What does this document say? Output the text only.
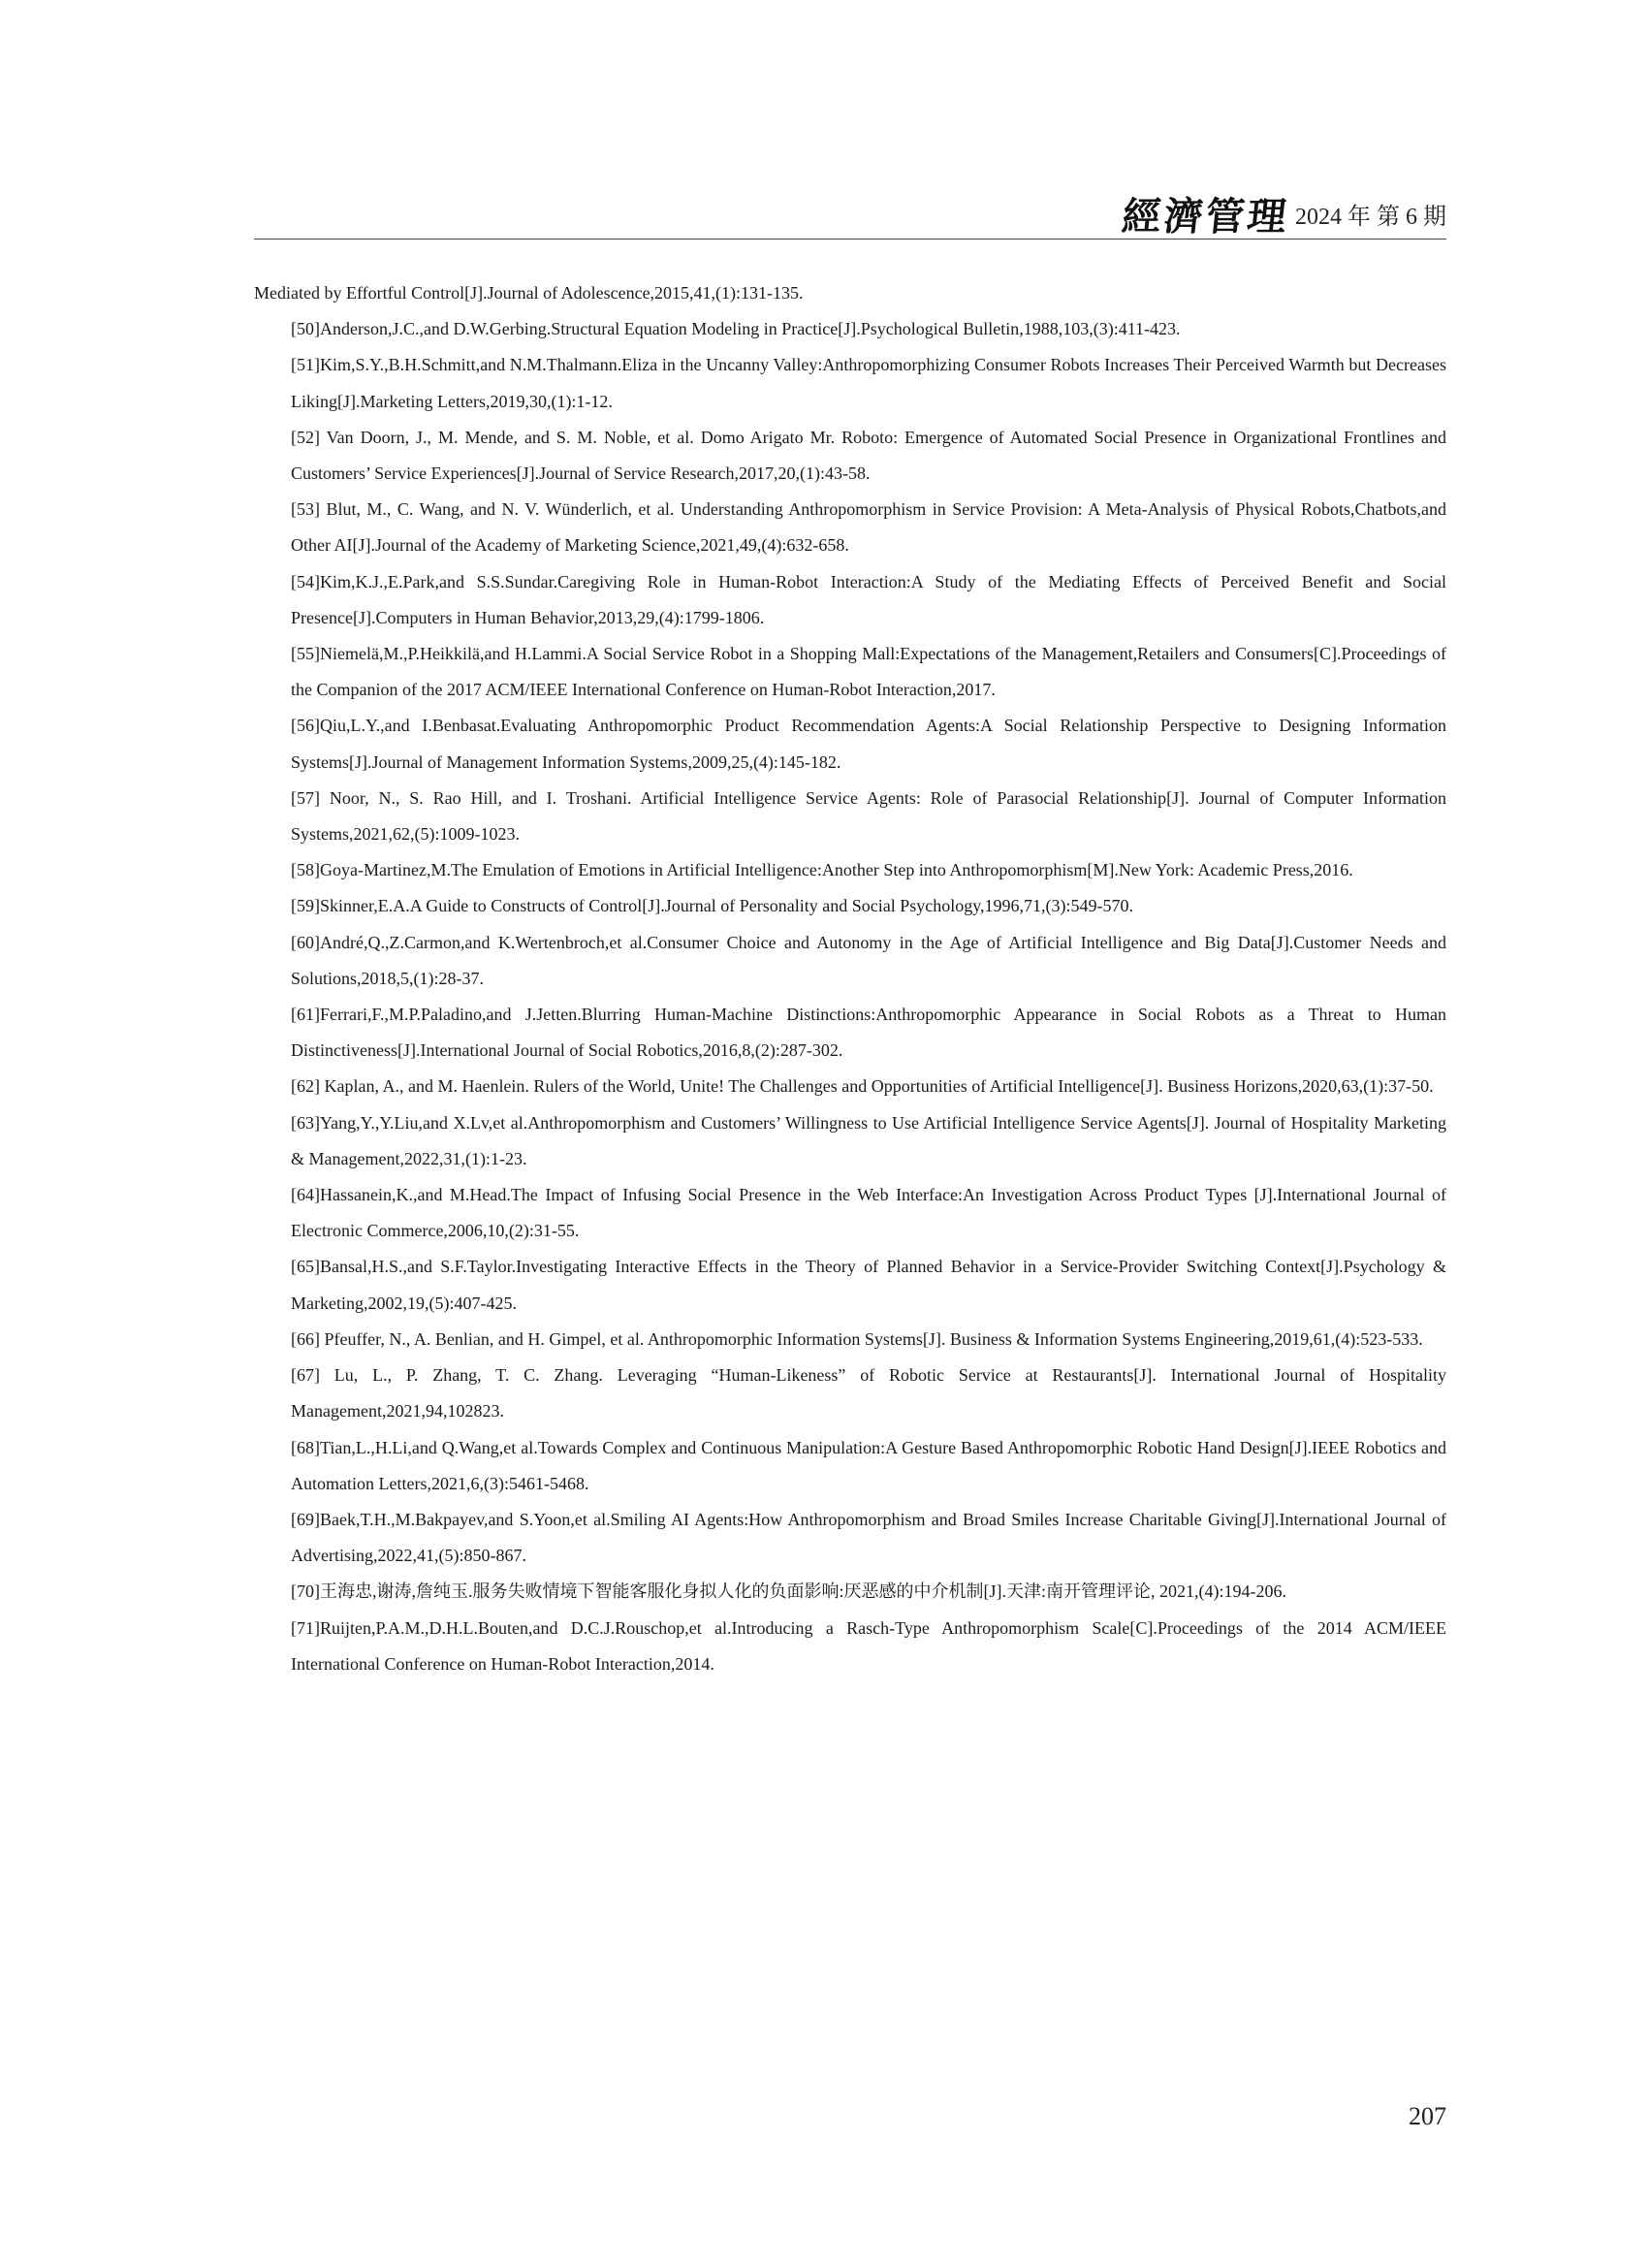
經濟管理 2024 年 第 6 期

Mediated by Effortful Control[J].Journal of Adolescence,2015,41,(1):131-135.

[50]Anderson,J.C.,and D.W.Gerbing.Structural Equation Modeling in Practice[J].Psychological Bulletin,1988,103,(3):411-423.

[51]Kim,S.Y.,B.H.Schmitt,and N.M.Thalmann.Eliza in the Uncanny Valley:Anthropomorphizing Consumer Robots Increases Their Perceived Warmth but Decreases Liking[J].Marketing Letters,2019,30,(1):1-12.

[52] Van Doorn, J., M. Mende, and S. M. Noble, et al. Domo Arigato Mr. Roboto: Emergence of Automated Social Presence in Organizational Frontlines and Customers’ Service Experiences[J].Journal of Service Research,2017,20,(1):43-58.

[53] Blut, M., C. Wang, and N. V. Wünderlich, et al. Understanding Anthropomorphism in Service Provision: A Meta-Analysis of Physical Robots,Chatbots,and Other AI[J].Journal of the Academy of Marketing Science,2021,49,(4):632-658.

[54]Kim,K.J.,E.Park,and S.S.Sundar.Caregiving Role in Human-Robot Interaction:A Study of the Mediating Effects of Perceived Benefit and Social Presence[J].Computers in Human Behavior,2013,29,(4):1799-1806.

[55]Niemelä,M.,P.Heikkilä,and H.Lammi.A Social Service Robot in a Shopping Mall:Expectations of the Management,Retailers and Consumers[C].Proceedings of the Companion of the 2017 ACM/IEEE International Conference on Human-Robot Interaction,2017.

[56]Qiu,L.Y.,and I.Benbasat.Evaluating Anthropomorphic Product Recommendation Agents:A Social Relationship Perspective to Designing Information Systems[J].Journal of Management Information Systems,2009,25,(4):145-182.

[57] Noor, N., S. Rao Hill, and I. Troshani. Artificial Intelligence Service Agents: Role of Parasocial Relationship[J]. Journal of Computer Information Systems,2021,62,(5):1009-1023.

[58]Goya-Martinez,M.The Emulation of Emotions in Artificial Intelligence:Another Step into Anthropomorphism[M].New York: Academic Press,2016.

[59]Skinner,E.A.A Guide to Constructs of Control[J].Journal of Personality and Social Psychology,1996,71,(3):549-570.

[60]André,Q.,Z.Carmon,and K.Wertenbroch,et al.Consumer Choice and Autonomy in the Age of Artificial Intelligence and Big Data[J].Customer Needs and Solutions,2018,5,(1):28-37.

[61]Ferrari,F.,M.P.Paladino,and J.Jetten.Blurring Human-Machine Distinctions:Anthropomorphic Appearance in Social Robots as a Threat to Human Distinctiveness[J].International Journal of Social Robotics,2016,8,(2):287-302.

[62] Kaplan, A., and M. Haenlein. Rulers of the World, Unite! The Challenges and Opportunities of Artificial Intelligence[J]. Business Horizons,2020,63,(1):37-50.

[63]Yang,Y.,Y.Liu,and X.Lv,et al.Anthropomorphism and Customers’ Willingness to Use Artificial Intelligence Service Agents[J]. Journal of Hospitality Marketing & Management,2022,31,(1):1-23.

[64]Hassanein,K.,and M.Head.The Impact of Infusing Social Presence in the Web Interface:An Investigation Across Product Types [J].International Journal of Electronic Commerce,2006,10,(2):31-55.

[65]Bansal,H.S.,and S.F.Taylor.Investigating Interactive Effects in the Theory of Planned Behavior in a Service-Provider Switching Context[J].Psychology & Marketing,2002,19,(5):407-425.

[66] Pfeuffer, N., A. Benlian, and H. Gimpel, et al. Anthropomorphic Information Systems[J]. Business & Information Systems Engineering,2019,61,(4):523-533.

[67] Lu, L., P. Zhang, T. C. Zhang. Leveraging “Human-Likeness” of Robotic Service at Restaurants[J]. International Journal of Hospitality Management,2021,94,102823.

[68]Tian,L.,H.Li,and Q.Wang,et al.Towards Complex and Continuous Manipulation:A Gesture Based Anthropomorphic Robotic Hand Design[J].IEEE Robotics and Automation Letters,2021,6,(3):5461-5468.

[69]Baek,T.H.,M.Bakpayev,and S.Yoon,et al.Smiling AI Agents:How Anthropomorphism and Broad Smiles Increase Charitable Giving[J].International Journal of Advertising,2022,41,(5):850-867.

[70]王海忠,谢涛,詹纯玉.服务失败情境下智能客服化身拟人化的负面影响:厌恶感的中介机制[J].天津:南开管理评论, 2021,(4):194-206.

[71]Ruijten,P.A.M.,D.H.L.Bouten,and D.C.J.Rouschop,et al.Introducing a Rasch-Type Anthropomorphism Scale[C].Proceedings of the 2014 ACM/IEEE International Conference on Human-Robot Interaction,2014.

207
